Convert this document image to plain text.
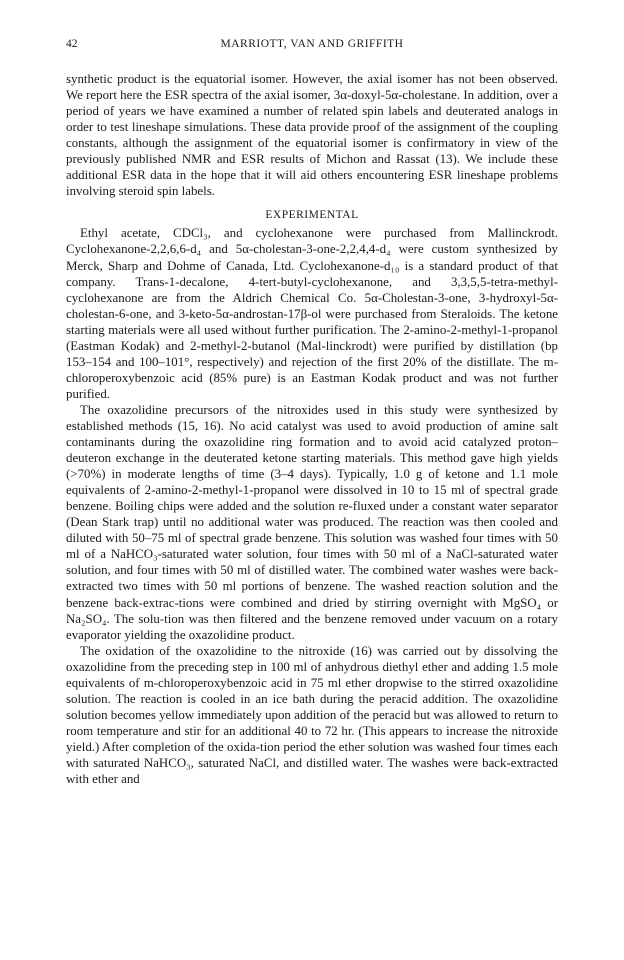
42	MARRIOTT, VAN AND GRIFFITH

synthetic product is the equatorial isomer. However, the axial isomer has not been observed. We report here the ESR spectra of the axial isomer, 3α-doxyl-5α-cholestane. In addition, over a period of years we have examined a number of related spin labels and deuterated analogs in order to test lineshape simulations. These data provide proof of the assignment of the coupling constants, although the assignment of the equatorial isomer is confirmatory in view of the previously published NMR and ESR results of Michon and Rassat (13). We include these additional ESR data in the hope that it will aid others encountering ESR lineshape problems involving steroid spin labels.

EXPERIMENTAL

Ethyl acetate, CDCl₃, and cyclohexanone were purchased from Mallinckrodt. Cyclohexanone-2,2,6,6-d₄ and 5α-cholestan-3-one-2,2,4,4-d₄ were custom synthesized by Merck, Sharp and Dohme of Canada, Ltd. Cyclohexanone-d₁₀ is a standard product of that company. Trans-1-decalone, 4-tert-butyl-cyclohexanone, and 3,3,5,5-tetra-methyl-cyclohexanone are from the Aldrich Chemical Co. 5α-Cholestan-3-one, 3-hydroxyl-5α-cholestan-6-one, and 3-keto-5α-androstan-17β-ol were purchased from Steraloids. The ketone starting materials were all used without further purification. The 2-amino-2-methyl-1-propanol (Eastman Kodak) and 2-methyl-2-butanol (Mal-linckrodt) were purified by distillation (bp 153–154 and 100–101°, respectively) and rejection of the first 20% of the distillate. The m-chloroperoxybenzoic acid (85% pure) is an Eastman Kodak product and was not further purified.

The oxazolidine precursors of the nitroxides used in this study were synthesized by established methods (15, 16). No acid catalyst was used to avoid production of amine salt contaminants during the oxazolidine ring formation and to avoid acid catalyzed proton–deuteron exchange in the deuterated ketone starting materials. This method gave high yields (>70%) in moderate lengths of time (3–4 days). Typically, 1.0 g of ketone and 1.1 mole equivalents of 2-amino-2-methyl-1-propanol were dissolved in 10 to 15 ml of spectral grade benzene. Boiling chips were added and the solution re-fluxed under a constant water separator (Dean Stark trap) until no additional water was produced. The reaction was then cooled and diluted with 50–75 ml of spectral grade benzene. This solution was washed four times with 50 ml of a NaHCO₃-saturated water solution, four times with 50 ml of a NaCl-saturated water solution, and four times with 50 ml of distilled water. The combined water washes were back-extracted two times with 50 ml portions of benzene. The washed reaction solution and the benzene back-extrac-tions were combined and dried by stirring overnight with MgSO₄ or Na₂SO₄. The solu-tion was then filtered and the benzene removed under vacuum on a rotary evaporator yielding the oxazolidine product.

The oxidation of the oxazolidine to the nitroxide (16) was carried out by dissolving the oxazolidine from the preceding step in 100 ml of anhydrous diethyl ether and adding 1.5 mole equivalents of m-chloroperoxybenzoic acid in 75 ml ether dropwise to the stirred oxazolidine solution. The reaction is cooled in an ice bath during the peracid addition. The oxazolidine solution becomes yellow immediately upon addition of the peracid but was allowed to return to room temperature and stir for an additional 40 to 72 hr. (This appears to increase the nitroxide yield.) After completion of the oxida-tion period the ether solution was washed four times each with saturated NaHCO₃, saturated NaCl, and distilled water. The washes were back-extracted with ether and
